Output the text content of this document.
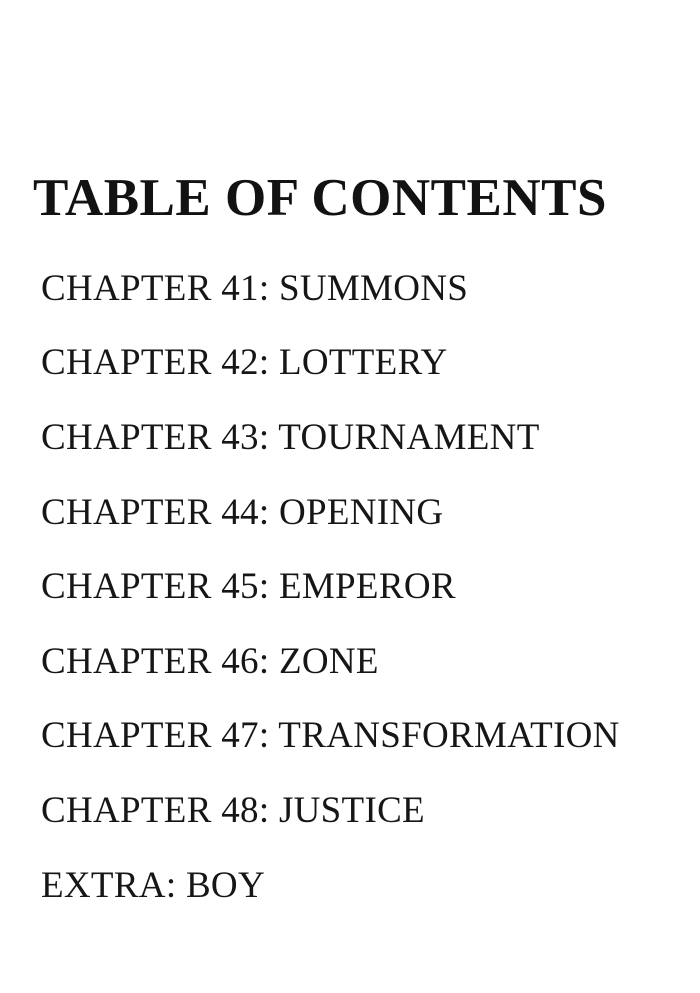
TABLE OF CONTENTS
CHAPTER 41: SUMMONS
CHAPTER 42: LOTTERY
CHAPTER 43: TOURNAMENT
CHAPTER 44: OPENING
CHAPTER 45: EMPEROR
CHAPTER 46: ZONE
CHAPTER 47: TRANSFORMATION
CHAPTER 48: JUSTICE
EXTRA: BOY
